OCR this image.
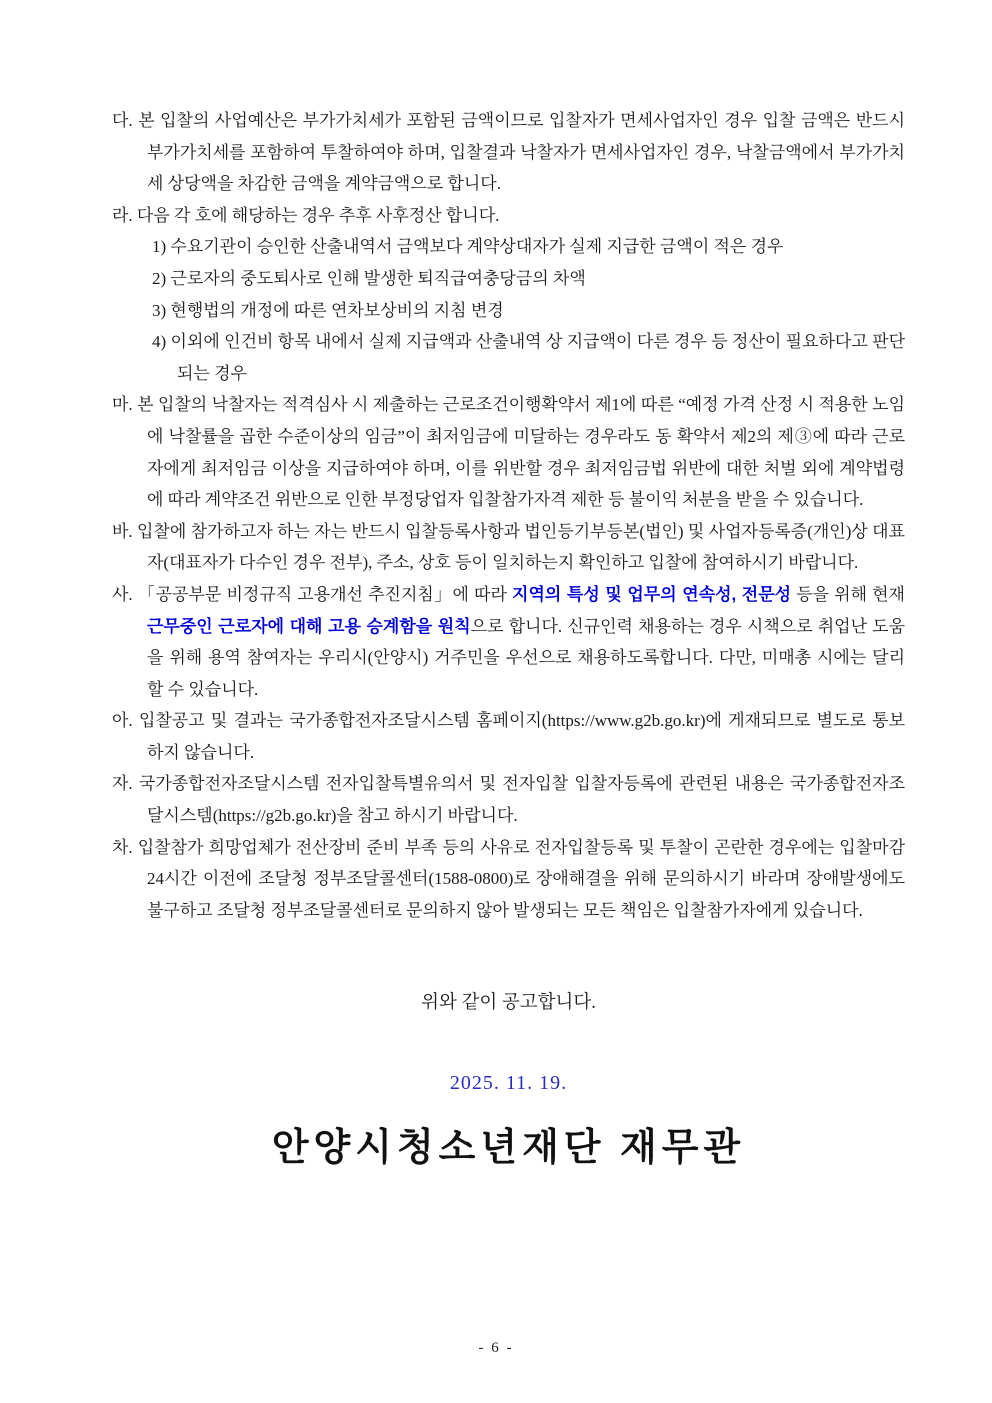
다. 본 입찰의 사업예산은 부가가치세가 포함된 금액이므로 입찰자가 면세사업자인 경우 입찰 금액은 반드시 부가가치세를 포함하여 투찰하여야 하며, 입찰결과 낙찰자가 면세사업자인 경우, 낙찰금액에서 부가가치세 상당액을 차감한 금액을 계약금액으로 합니다.

라. 다음 각 호에 해당하는 경우 추후 사후정산 합니다.

1) 수요기관이 승인한 산출내역서 금액보다 계약상대자가 실제 지급한 금액이 적은 경우

2) 근로자의 중도퇴사로 인해 발생한 퇴직급여충당금의 차액

3) 현행법의 개정에 따른 연차보상비의 지침 변경

4) 이외에 인건비 항목 내에서 실제 지급액과 산출내역 상 지급액이 다른 경우 등 정산이 필요하다고 판단되는 경우

마. 본 입찰의 낙찰자는 적격심사 시 제출하는 근로조건이행확약서 제1에 따른 “예정 가격 산정 시 적용한 노임에 낙찰률을 곱한 수준이상의 임금”이 최저임금에 미달하는 경우라도 동 확약서 제2의 제③에 따라 근로자에게 최저임금 이상을 지급하여야 하며, 이를 위반할 경우 최저임금법 위반에 대한 처벌 외에 계약법령에 따라 계약조건 위반으로 인한 부정당업자 입찰참가자격 제한 등 불이익 처분을 받을 수 있습니다.

바. 입찰에 참가하고자 하는 자는 반드시 입찰등록사항과 법인등기부등본(법인) 및 사업자등록증(개인)상 대표자(대표자가 다수인 경우 전부), 주소, 상호 등이 일치하는지 확인하고 입찰에 참여하시기 바랍니다.

사. 「공공부문 비정규직 고용개선 추진지침」에 따라 지역의 특성 및 업무의 연속성, 전문성 등을 위해 현재 근무중인 근로자에 대해 고용 승계함을 원칙으로 합니다. 신규인력 채용하는 경우 시책으로 취업난 도움을 위해 용역 참여자는 우리시(안양시) 거주민을 우선으로 채용하도록합니다. 다만, 미매총 시에는 달리 할 수 있습니다.

아. 입찰공고 및 결과는 국가종합전자조달시스템 홈페이지(https://www.g2b.go.kr)에 게재되므로 별도로 통보하지 않습니다.

자. 국가종합전자조달시스템 전자입찰특별유의서 및 전자입찰 입찰자등록에 관련된 내용은 국가종합전자조달시스템(https://g2b.go.kr)을 참고 하시기 바랍니다.

차. 입찰참가 희망업체가 전산장비 준비 부족 등의 사유로 전자입찰등록 및 투찰이 곤란한 경우에는 입찰마감 24시간 이전에 조달청 정부조달콜센터(1588-0800)로 장애해결을 위해 문의하시기 바라며 장애발생에도 불구하고 조달청 정부조달콜센터로 문의하지 않아 발생되는 모든 책임은 입찰참가자에게 있습니다.

위와 같이 공고합니다.

2025. 11. 19.

안양시청소년재단 재무관

- 6 -
